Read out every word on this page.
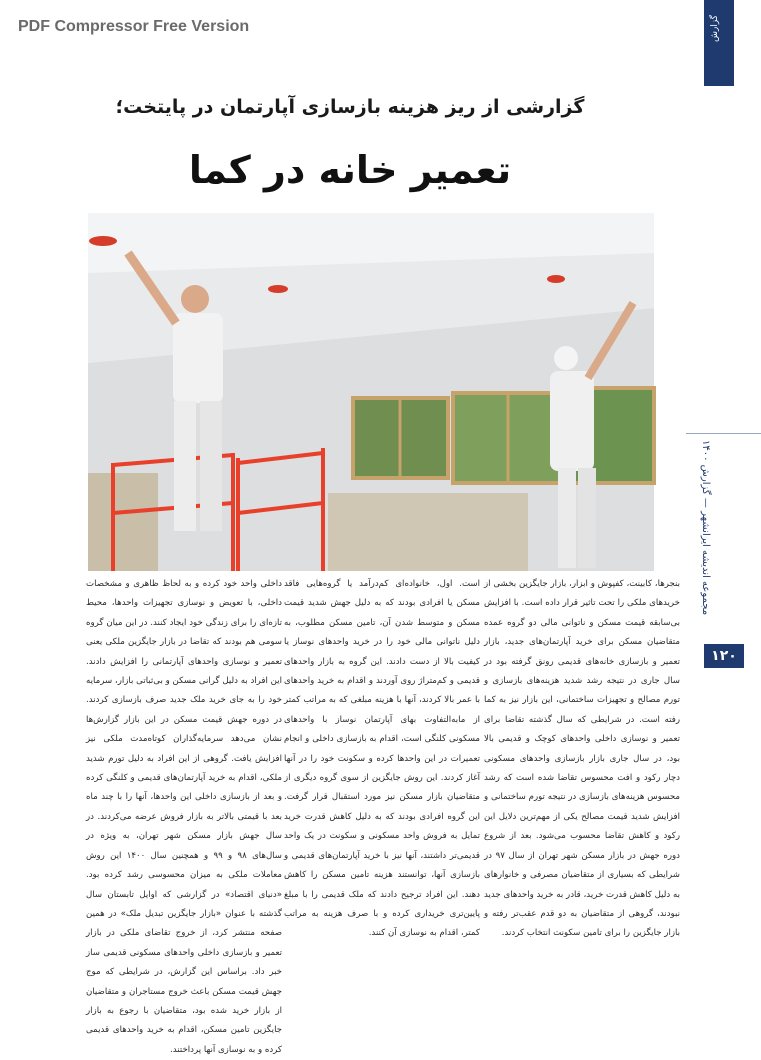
PDF Compressor Free Version	گزارش
گزارشی از ریز هزینه بازسازی آپارتمان در پایتخت؛
تعمیر خانه در کما
مجموعه اندیشه ایرانشهر — گزارش ۱۴۰۰
۱۲۰
بنجرها، کابینت، کفپوش و ابزار، بازار جایگزین بخشی از خریدهای ملکی را تحت تاثیر قرار داده است. با افزایش بی‌سابقه قیمت مسکن و ناتوانی مالی دو گروه عمده متقاضیان مسکن برای خرید آپارتمان‌های جدید، بازار تعمیر و بازسازی خانه‌های قدیمی رونق گرفته بود در سال جاری در نتیجه رشد شدید هزینه‌های بازسازی و تورم مصالح و تجهیزات ساختمانی، این بازار نیز به کما رفته است. در شرایطی که سال گذشته تقاضا برای تعمیر و نوسازی داخلی واحدهای کوچک و قدیمی بالا بود، در سال جاری بازار بازسازی واحدهای مسکونی دچار رکود و افت محسوس تقاضا شده است که رشد محسوس هزینه‌های بازسازی در نتیجه تورم ساختمانی و افزایش شدید قیمت مصالح یکی از مهم‌ترین دلایل این رکود و کاهش تقاضا محسوب می‌شود. بعد از شروع دوره جهش در بازار مسکن شهر تهران از سال ۹۷ در شرایطی که بسیاری از متقاضیان مصرفی و خانوارهای به دلیل کاهش قدرت خرید، قادر به خرید واحدهای جدید نبودند، گروهی از متقاضیان به دو قدم عقب‌تر رفته و بازار جایگزین را برای تامین سکونت انتخاب کردند.
است. اول، خانواده‌ای کم‌درآمد یا گروه‌هایی فاقد مسکن یا افرادی بودند که به دلیل جهش شدید قیمت مسکن و متوسط شدن آن، تامین مسکن مطلوب، به دلیل ناتوانی مالی خود را در خرید واحدهای نوساز یا کیفیت بالا از دست دادند. این گروه به بازار واحدهای قدیمی و کم‌متراژ روی آوردند و اقدام به خرید واحدهای با عمر بالا کردند، آنها با هزینه مبلغی که به مراتب کمتر از مابه‌التفاوت بهای آپارتمان نوساز با واحدهای مسکونی کلنگی است، اقدام به بازسازی داخلی و انجام تعمیرات در این واحدها کرده و سکونت خود را در آنها آغاز کردند. این روش جایگزین از سوی گروه دیگری از متقاضیان بازار مسکن نیز مورد استقبال قرار گرفت. این گروه افرادی بودند که به دلیل کاهش قدرت خرید تمایل به فروش واحد مسکونی و سکونت در یک واحد قدیمی‌تر داشتند، آنها نیز با خرید آپارتمان‌های قدیمی و بازسازی آنها، توانستند هزینه تامین مسکن را کاهش دهند. این افراد ترجیح دادند که ملک قدیمی را با مبلغ پایین‌تری خریداری کرده و با صرف هزینه به مراتب کمتر، اقدام به نوسازی آن کنند.
داخلی واحد خود کرده و به لحاظ ظاهری و مشخصات داخلی، با تعویض و نوسازی تجهیزات واحدها، محیط تازه‌ای را برای زندگی خود ایجاد کنند. در این میان گروه سومی هم بودند که تقاضا در بازار جایگزین ملکی یعنی تعمیر و نوسازی واحدهای آپارتمانی را افزایش دادند. این افراد به دلیل گرانی مسکن و بی‌ثباتی بازار، سرمایه خود را به جای خرید ملک جدید صرف بازسازی کردند. در دوره جهش قیمت مسکن در این بازار گزارش‌ها نشان می‌دهد سرمایه‌گذاران کوتاه‌مدت ملکی نیز افزایش یافت. گروهی از این افراد به دلیل تورم شدید ملکی، اقدام به خرید آپارتمان‌های قدیمی و کلنگی کرده و بعد از بازسازی داخلی این واحدها، آنها را با چند ماه بعد با قیمتی بالاتر به بازار فروش عرضه می‌کردند. در سال جهش بازار مسکن شهر تهران، به ویژه در سال‌های ۹۸ و ۹۹ و همچنین سال ۱۴۰۰ این روش معاملات ملکی به میزان محسوسی رشد کرده بود. «دنیای اقتصاد» در گزارشی که اوایل تابستان سال گذشته با عنوان «بازار جایگزین تبدیل ملک» در همین صفحه منتشر کرد، از خروج تقاضای ملکی در بازار تعمیر و بازسازی داخلی واحدهای مسکونی قدیمی ساز خبر داد. براساس این گزارش، در شرایطی که موج جهش قیمت مسکن باعث خروج مستاجران و متقاضیان از بازار خرید شده بود، متقاضیان با رجوع به بازار جایگزین تامین مسکن، اقدام به خرید واحدهای قدیمی کرده و به نوسازی آنها پرداختند.
